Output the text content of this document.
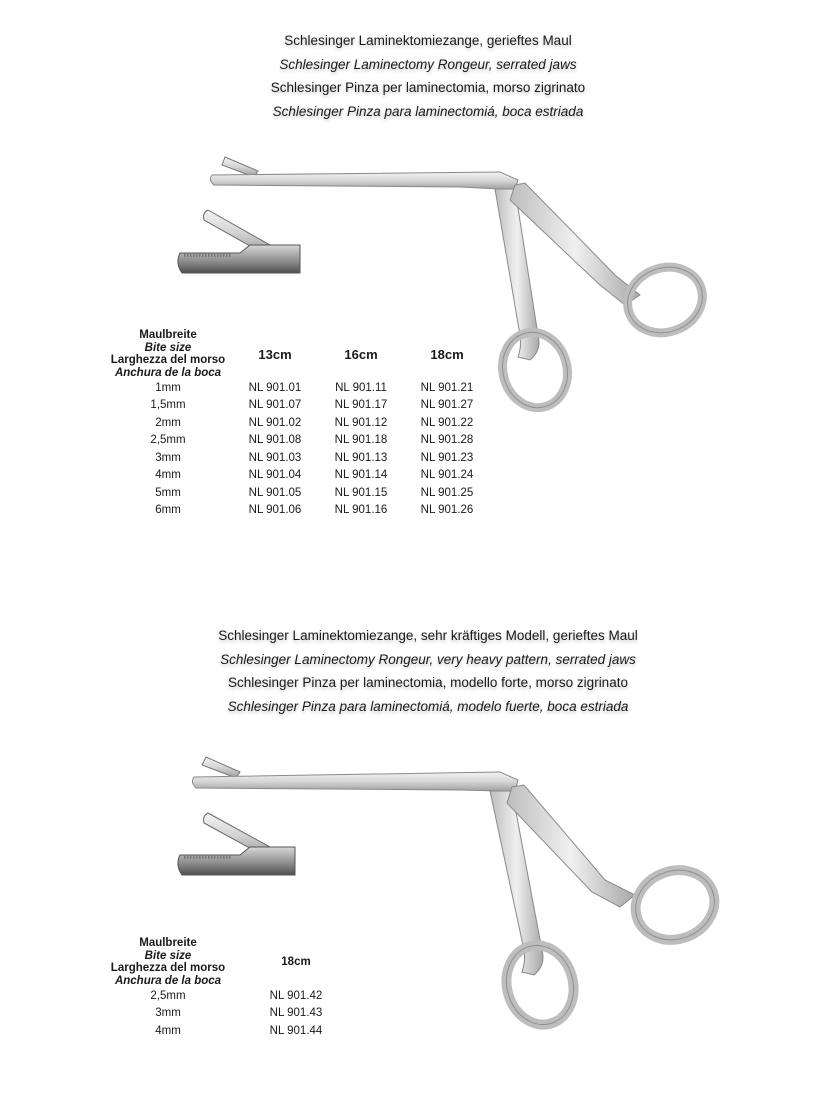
Schlesinger Laminektomiezange, gerieftes Maul
Schlesinger Laminectomy Rongeur, serrated jaws
Schlesinger Pinza per laminectomia, morso zigrinato
Schlesinger Pinza para laminectomiá, boca estriada
Maulbreite
Bite size
Larghezza del morso
Anchura de la boca	13cm	16cm	18cm
1mm	NL 901.01	NL 901.11	NL 901.21
1,5mm	NL 901.07	NL 901.17	NL 901.27
2mm	NL 901.02	NL 901.12	NL 901.22
2,5mm	NL 901.08	NL 901.18	NL 901.28
3mm	NL 901.03	NL 901.13	NL 901.23
4mm	NL 901.04	NL 901.14	NL 901.24
5mm	NL 901.05	NL 901.15	NL 901.25
6mm	NL 901.06	NL 901.16	NL 901.26
Schlesinger Laminektomiezange, sehr kräftiges Modell, gerieftes Maul
Schlesinger Laminectomy Rongeur, very heavy pattern, serrated jaws
Schlesinger Pinza per laminectomia, modello forte, morso zigrinato
Schlesinger Pinza para laminectomiá, modelo fuerte, boca estriada
Maulbreite
Bite size
Larghezza del morso
Anchura de la boca	18cm
2,5mm	NL 901.42
3mm	NL 901.43
4mm	NL 901.44
